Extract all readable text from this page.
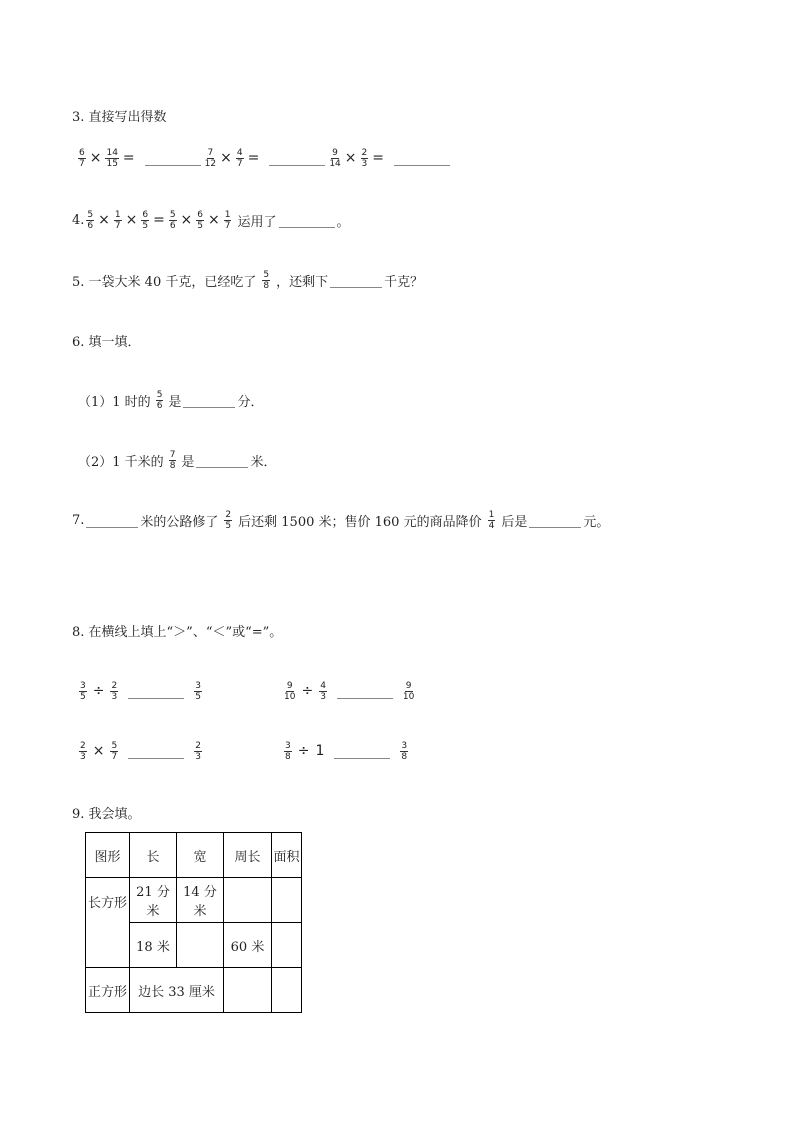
3. 直接写出得数
$\frac{6}{7} \times \frac{14}{15}$ =	$\frac{7}{12} \times \frac{4}{7}$ =	$\frac{9}{14} \times \frac{2}{3}$ =
4. $\frac{5}{6} \times \frac{1}{7} \times \frac{6}{5} = \frac{5}{6} \times \frac{6}{5} \times \frac{1}{7}$ 运用了	。
5. 一袋大米 40 千克，已经吃了 $\frac{5}{8}$ ，还剩下	千克？
6. 填一填．
（1）1 时的 $\frac{5}{6}$ 是	分．
（2）1 千米的 $\frac{7}{8}$ 是	米．
7.	米的公路修了 $\frac{2}{5}$ 后还剩 1500 米；售价 160 元的商品降价 $\frac{1}{4}$ 后是	元。
8. 在横线上填上“＞”、“＜”或“=”。
$\frac{3}{5} \div \frac{2}{3}$	$\frac{3}{5}$	$\frac{9}{10} \div \frac{4}{3}$	$\frac{9}{10}$
$\frac{2}{3} \times \frac{5}{7}$	$\frac{2}{3}$	$\frac{3}{8} \div 1$	$\frac{3}{8}$
9. 我会填。
图形	长	宽	周长	面积
长方形	21 分米	14 分米		
	18 米		60 米	
正方形	边长 33 厘米			
